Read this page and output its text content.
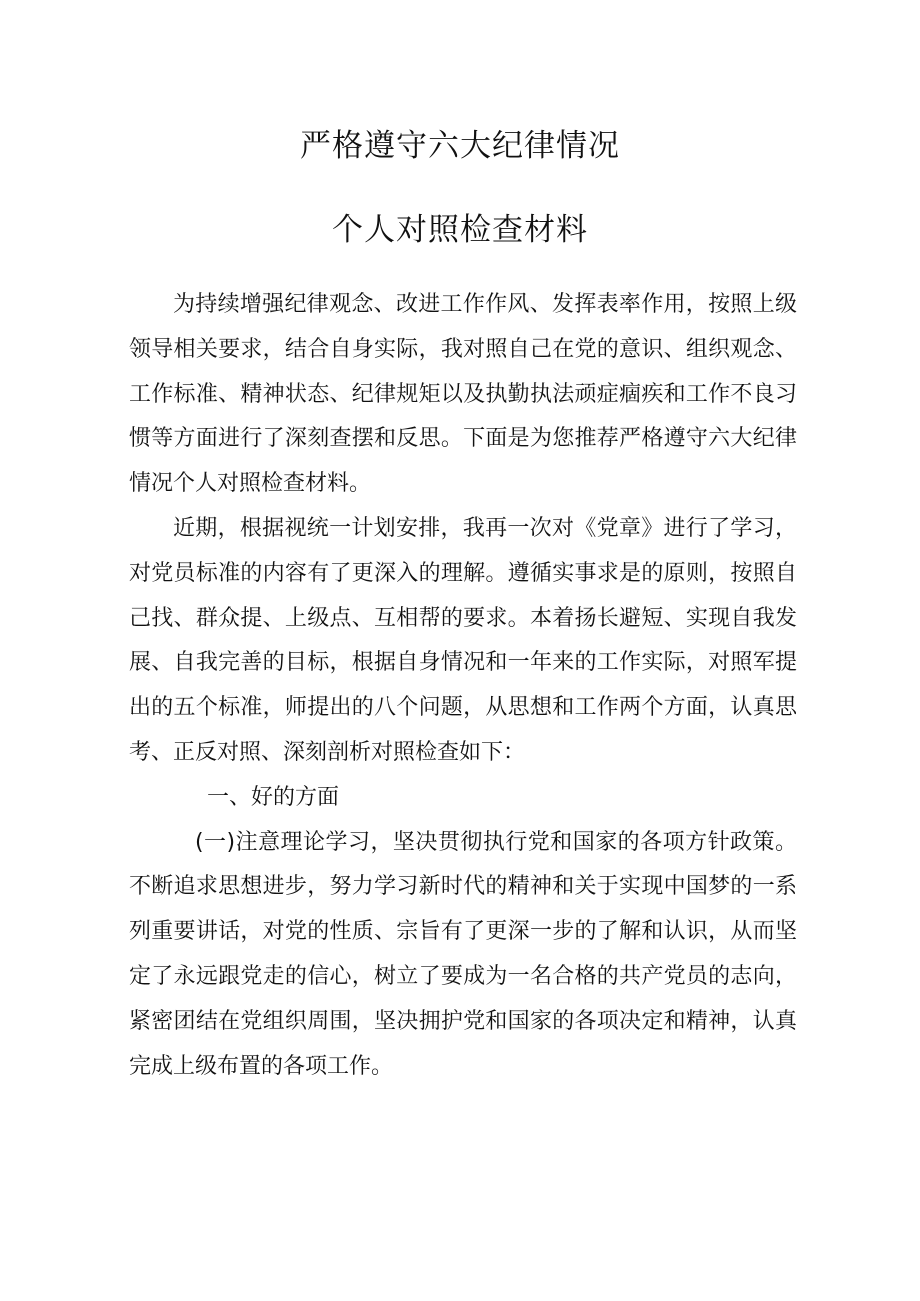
严格遵守六大纪律情况
个人对照检查材料

为持续增强纪律观念、改进工作作风、发挥表率作用，按照上级领导相关要求，结合自身实际，我对照自己在党的意识、组织观念、工作标准、精神状态、纪律规矩以及执勤执法顽症痼疾和工作不良习惯等方面进行了深刻查摆和反思。下面是为您推荐严格遵守六大纪律情况个人对照检查材料。

近期，根据视统一计划安排，我再一次对《党章》进行了学习，对党员标准的内容有了更深入的理解。遵循实事求是的原则，按照自己找、群众提、上级点、互相帮的要求。本着扬长避短、实现自我发展、自我完善的目标，根据自身情况和一年来的工作实际，对照军提出的五个标准，师提出的八个问题，从思想和工作两个方面，认真思考、正反对照、深刻剖析对照检查如下：

一、好的方面

(一)注意理论学习，坚决贯彻执行党和国家的各项方针政策。不断追求思想进步，努力学习新时代的精神和关于实现中国梦的一系列重要讲话，对党的性质、宗旨有了更深一步的了解和认识，从而坚定了永远跟党走的信心，树立了要成为一名合格的共产党员的志向，紧密团结在党组织周围，坚决拥护党和国家的各项决定和精神，认真完成上级布置的各项工作。
